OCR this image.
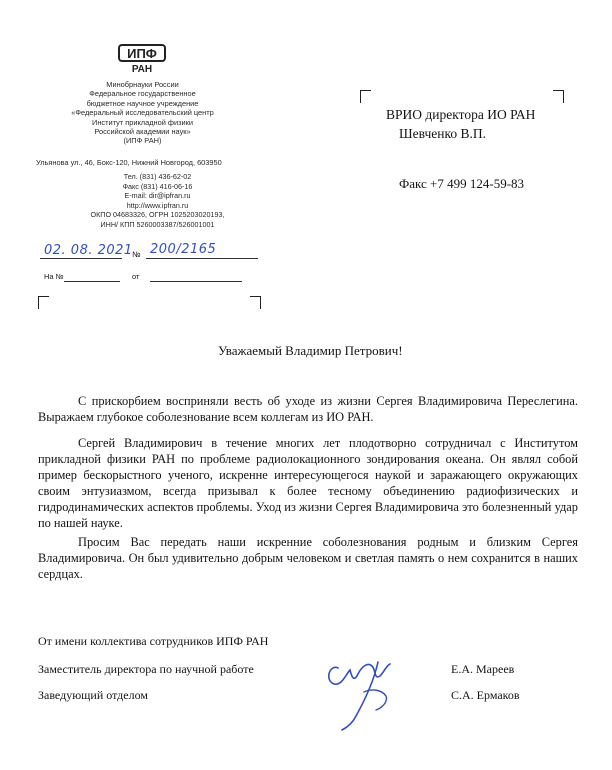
ИПФ
РАН
Минобрнауки России
Федеральное государственное
бюджетное научное учреждение
«Федеральный исследовательский центр
Институт прикладной физики
Российской академии наук»
(ИПФ РАН)
Ульянова ул., 46, Бокс-120, Нижний Новгород, 603950
Тел. (831) 436-62-02
Факс (831) 416-06-16
E-mail: dir@ipfran.ru
http://www.ipfran.ru
ОКПО 04683326, ОГРН 1025203020193,
ИНН/ КПП 5260003387/526001001
02. 08. 2021 № 200/2165
На №	от
ВРИО директора ИО РАН
Шевченко В.П.
Факс +7 499 124-59-83
Уважаемый Владимир Петрович!
С прискорбием восприняли весть об уходе из жизни Сергея Владимировича Переслегина. Выражаем глубокое соболезнование всем коллегам из ИО РАН.
Сергей Владимирович в течение многих лет плодотворно сотрудничал с Институтом прикладной физики РАН по проблеме радиолокационного зондирования океана. Он являл собой пример бескорыстного ученого, искренне интересующегося наукой и заражающего окружающих своим энтузиазмом, всегда призывал к более тесному объединению радиофизических и гидродинамических аспектов проблемы. Уход из жизни Сергея Владимировича это болезненный удар по нашей науке.
Просим Вас передать наши искренние соболезнования родным и близким Сергея Владимировича. Он был удивительно добрым человеком и светлая память о нем сохранится в наших сердцах.
От имени коллектива сотрудников ИПФ РАН
Заместитель директора по научной работе	Е.А. Мареев
Заведующий отделом	С.А. Ермаков
